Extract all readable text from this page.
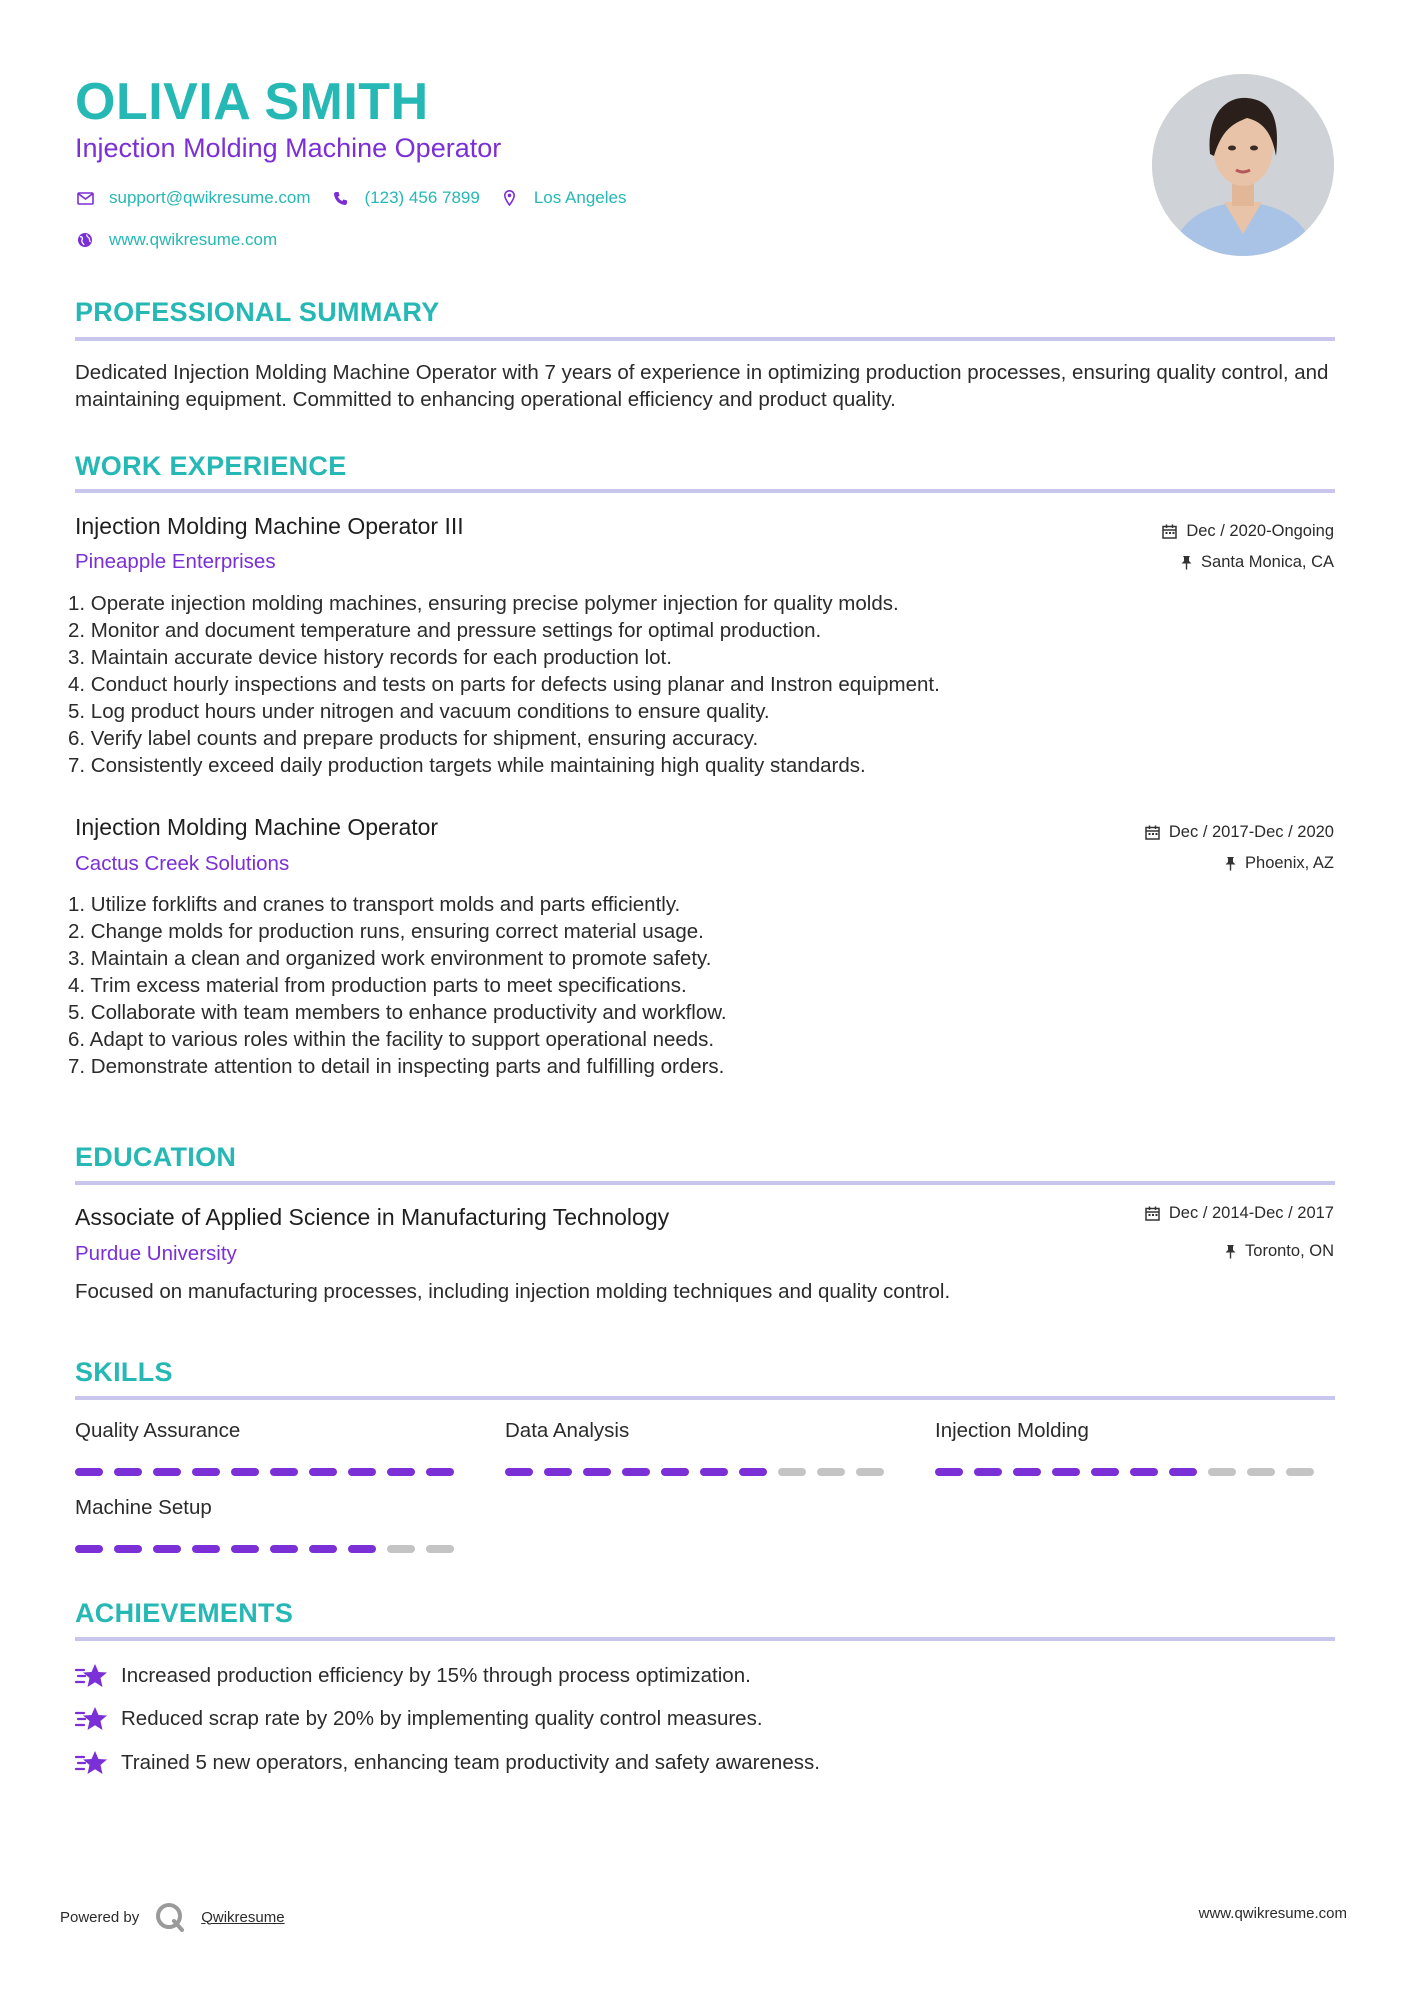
OLIVIA SMITH
Injection Molding Machine Operator
support@qwikresume.com	(123) 456 7899	Los Angeles
www.qwikresume.com
PROFESSIONAL SUMMARY
Dedicated Injection Molding Machine Operator with 7 years of experience in optimizing production processes, ensuring quality control, and maintaining equipment. Committed to enhancing operational efficiency and product quality.
WORK EXPERIENCE
Injection Molding Machine Operator III
Pineapple Enterprises
Dec / 2020-Ongoing
Santa Monica, CA
1. Operate injection molding machines, ensuring precise polymer injection for quality molds.
2. Monitor and document temperature and pressure settings for optimal production.
3. Maintain accurate device history records for each production lot.
4. Conduct hourly inspections and tests on parts for defects using planar and Instron equipment.
5. Log product hours under nitrogen and vacuum conditions to ensure quality.
6. Verify label counts and prepare products for shipment, ensuring accuracy.
7. Consistently exceed daily production targets while maintaining high quality standards.
Injection Molding Machine Operator
Cactus Creek Solutions
Dec / 2017-Dec / 2020
Phoenix, AZ
1. Utilize forklifts and cranes to transport molds and parts efficiently.
2. Change molds for production runs, ensuring correct material usage.
3. Maintain a clean and organized work environment to promote safety.
4. Trim excess material from production parts to meet specifications.
5. Collaborate with team members to enhance productivity and workflow.
6. Adapt to various roles within the facility to support operational needs.
7. Demonstrate attention to detail in inspecting parts and fulfilling orders.
EDUCATION
Associate of Applied Science in Manufacturing Technology
Purdue University
Dec / 2014-Dec / 2017
Toronto, ON
Focused on manufacturing processes, including injection molding techniques and quality control.
SKILLS
Quality Assurance	Data Analysis	Injection Molding
Machine Setup
ACHIEVEMENTS
Increased production efficiency by 15% through process optimization.
Reduced scrap rate by 20% by implementing quality control measures.
Trained 5 new operators, enhancing team productivity and safety awareness.
Powered by	Qwikresume	www.qwikresume.com
